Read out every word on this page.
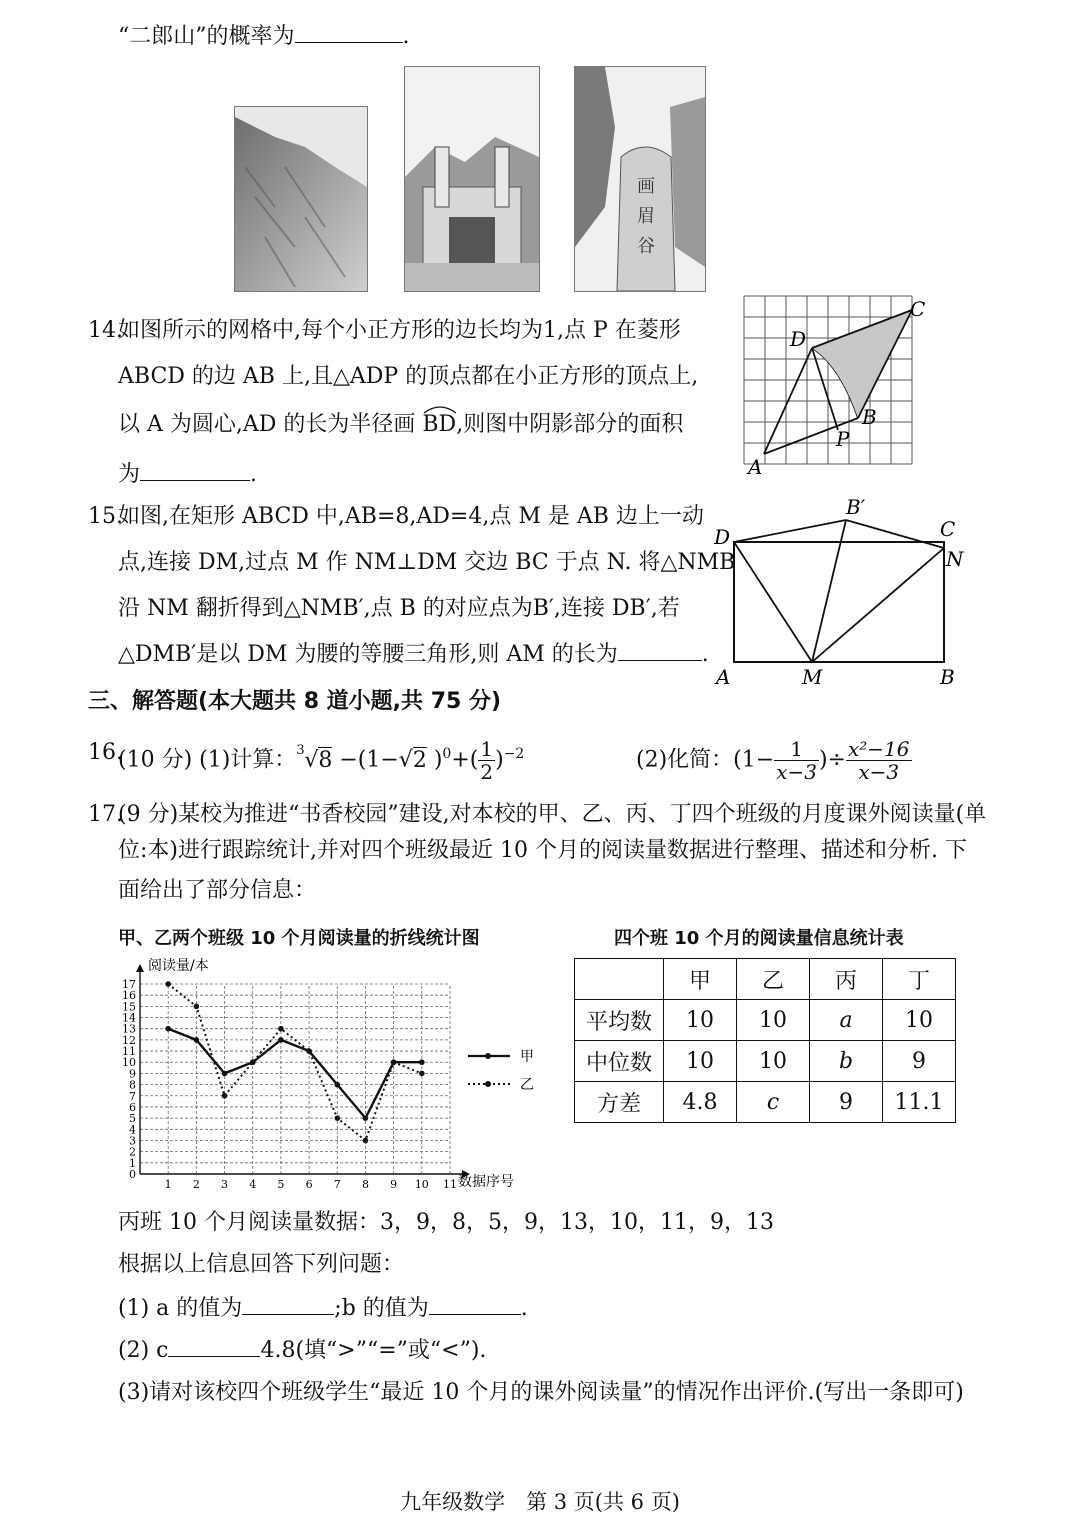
“二郎山”的概率为	.
画
眉
谷
14.
如图所示的网格中,每个小正方形的边长均为1,点 P 在菱形
ABCD 的边 AB 上,且△ADP 的顶点都在小正方形的顶点上,
以 A 为圆心,AD 的长为半径画
BD,则图中阴影部分的面积
为	.	A
B
C
D
P
15.
如图,在矩形 ABCD 中,AB=8,AD=4,点 M 是 AB 边上一动
点,连接 DM,过点 M 作 NM⊥DM 交边 BC 于点 N. 将△NMB
沿 NM 翻折得到△NMB′,点 B 的对应点为B′,连接 DB′,若
△DMB′是以 DM 为腰的等腰三角形,则 AM 的长为	.
D
B′
C
N
A	M	B
三、解答题(本大题共 8 道小题,共 75 分)
16.
(10 分) (1)计算： 3 √8 −(1−√2 )$^0+( \frac{1}{2} )^{-2}$	(2)化简：($1- \frac{1}{x-3}$ )÷ $\frac{\text{x²−16}}{x-3}$
17.
(9 分)某校为推进“书香校园”建设,对本校的甲、乙、丙、丁四个班级的月度课外阅读量(单
位:本)进行跟踪统计,并对四个班级最近 10 个月的阅读量数据进行整理、描述和分析. 下
面给出了部分信息：
甲、乙两个班级 10 个月阅读量的折线统计图	四个班 10 个月的阅读量信息统计表
0
1
2
3
4
5
6
7
8
9
10
11
12
13
14
15
16
17
1 2 3 4 5 6 7 8 9 10 11
阅读量/本
数据序号
甲
乙
	甲	乙	丙	丁
平均数	10	10	a	10
中位数	10	10	b	9
方差	4.8	c	9	11.1
丙班 10 个月阅读量数据：3，9，8，5，9，13，10，11，9，13
根据以上信息回答下列问题：
(1) a 的值为	;b 的值为	.
(2) c	4.8(填“>”“=”或“<”).
(3)请对该校四个班级学生“最近 10 个月的课外阅读量”的情况作出评价.(写出一条即可)
九年级数学　第 3 页(共 6 页)
